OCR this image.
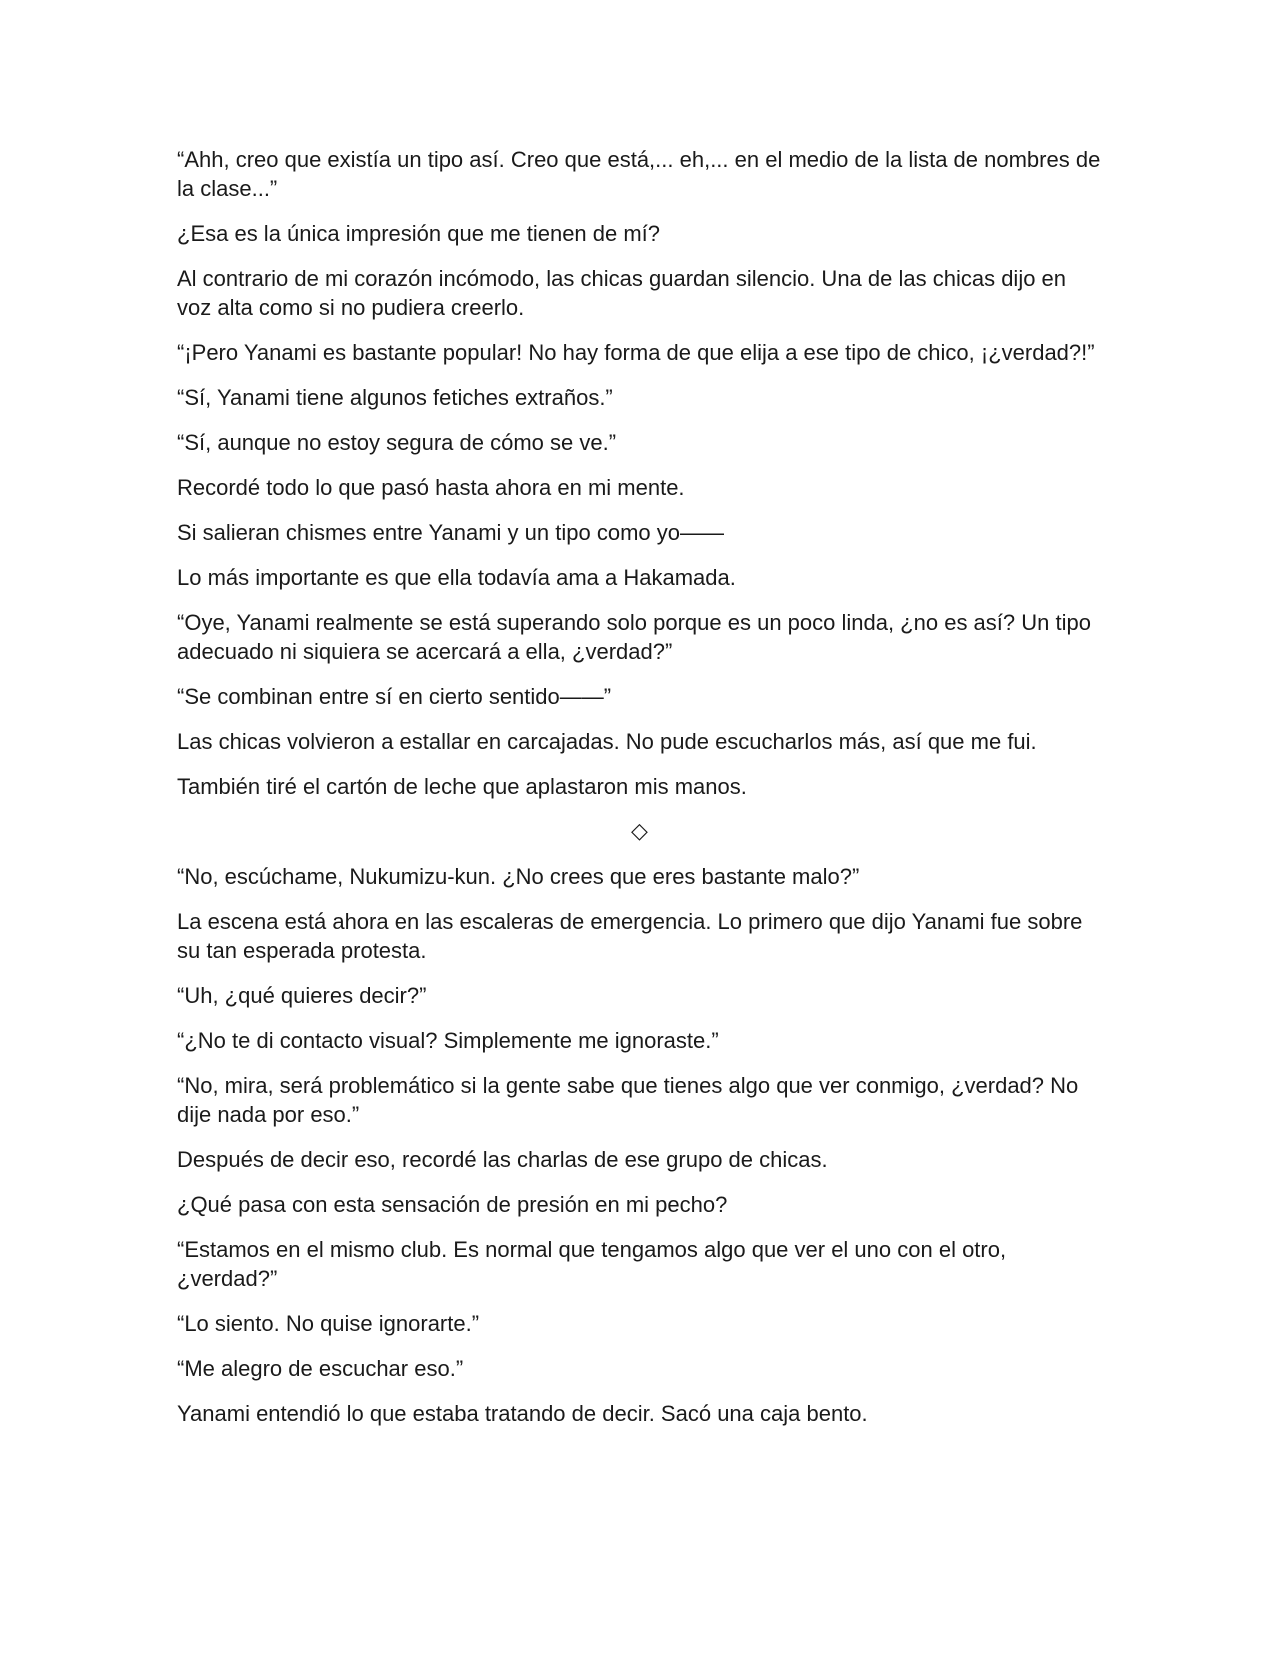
“Ahh, creo que existía un tipo así. Creo que está,... eh,... en el medio de la lista de nombres de la clase...”

¿Esa es la única impresión que me tienen de mí?

Al contrario de mi corazón incómodo, las chicas guardan silencio. Una de las chicas dijo en voz alta como si no pudiera creerlo.

“¡Pero Yanami es bastante popular! No hay forma de que elija a ese tipo de chico, ¡¿verdad?!”

“Sí, Yanami tiene algunos fetiches extraños.”

“Sí, aunque no estoy segura de cómo se ve.”

Recordé todo lo que pasó hasta ahora en mi mente.

Si salieran chismes entre Yanami y un tipo como yo——

Lo más importante es que ella todavía ama a Hakamada.

“Oye, Yanami realmente se está superando solo porque es un poco linda, ¿no es así? Un tipo adecuado ni siquiera se acercará a ella, ¿verdad?”

“Se combinan entre sí en cierto sentido——”

Las chicas volvieron a estallar en carcajadas. No pude escucharlos más, así que me fui.

También tiré el cartón de leche que aplastaron mis manos.

◇

“No, escúchame, Nukumizu-kun. ¿No crees que eres bastante malo?”

La escena está ahora en las escaleras de emergencia. Lo primero que dijo Yanami fue sobre su tan esperada protesta.

“Uh, ¿qué quieres decir?”

“¿No te di contacto visual? Simplemente me ignoraste.”

“No, mira, será problemático si la gente sabe que tienes algo que ver conmigo, ¿verdad? No dije nada por eso.”

Después de decir eso, recordé las charlas de ese grupo de chicas.

¿Qué pasa con esta sensación de presión en mi pecho?

“Estamos en el mismo club. Es normal que tengamos algo que ver el uno con el otro, ¿verdad?”

“Lo siento. No quise ignorarte.”

“Me alegro de escuchar eso.”

Yanami entendió lo que estaba tratando de decir. Sacó una caja bento.
